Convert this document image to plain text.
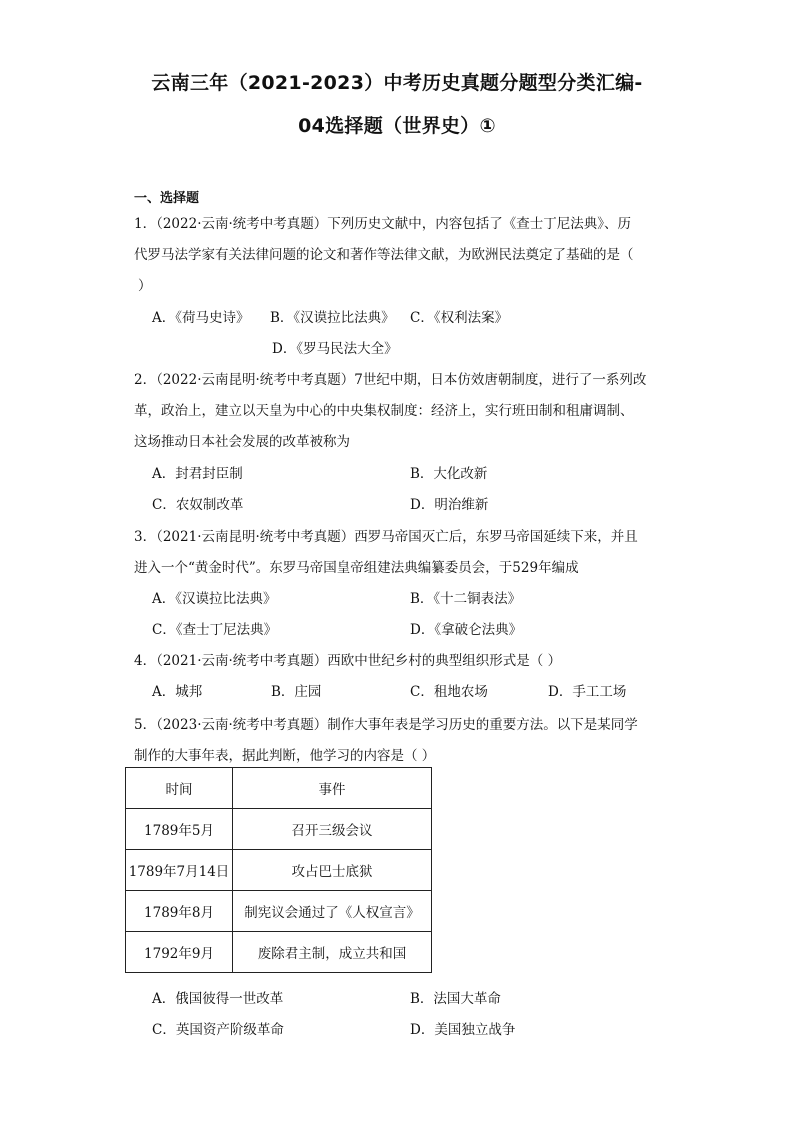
云南三年（2021-2023）中考历史真题分题型分类汇编-
04选择题（世界史）①
一、选择题
1．（2022·云南·统考中考真题）下列历史文献中，内容包括了《查士丁尼法典》、历
代罗马法学家有关法律问题的论文和著作等法律文献，为欧洲民法奠定了基础的是（
）
A．《荷马史诗》 B．《汉谟拉比法典》 C．《权利法案》
D．《罗马民法大全》
2．（2022·云南昆明·统考中考真题）7世纪中期，日本仿效唐朝制度，进行了一系列改
革，政治上，建立以天皇为中心的中央集权制度：经济上，实行班田制和租庸调制、
这场推动日本社会发展的改革被称为
A．封君封臣制	B．大化改新
C．农奴制改革	D．明治维新
3．（2021·云南昆明·统考中考真题）西罗马帝国灭亡后，东罗马帝国延续下来，并且
进入一个“黄金时代”。东罗马帝国皇帝组建法典编纂委员会，于529年编成
A．《汉谟拉比法典》	B．《十二铜表法》
C．《查士丁尼法典》	D．《拿破仑法典》
4．（2021·云南·统考中考真题）西欧中世纪乡村的典型组织形式是（ ）
A．城邦	B．庄园	C．租地农场	D．手工工场
5．（2023·云南·统考中考真题）制作大事年表是学习历史的重要方法。以下是某同学
制作的大事年表，据此判断，他学习的内容是（ ）
时间	事件
1789年5月	召开三级会议
1789年7月14日	攻占巴士底狱
1789年8月	制宪议会通过了《人权宣言》
1792年9月	废除君主制，成立共和国
A．俄国彼得一世改革	B．法国大革命
C．英国资产阶级革命	D．美国独立战争
